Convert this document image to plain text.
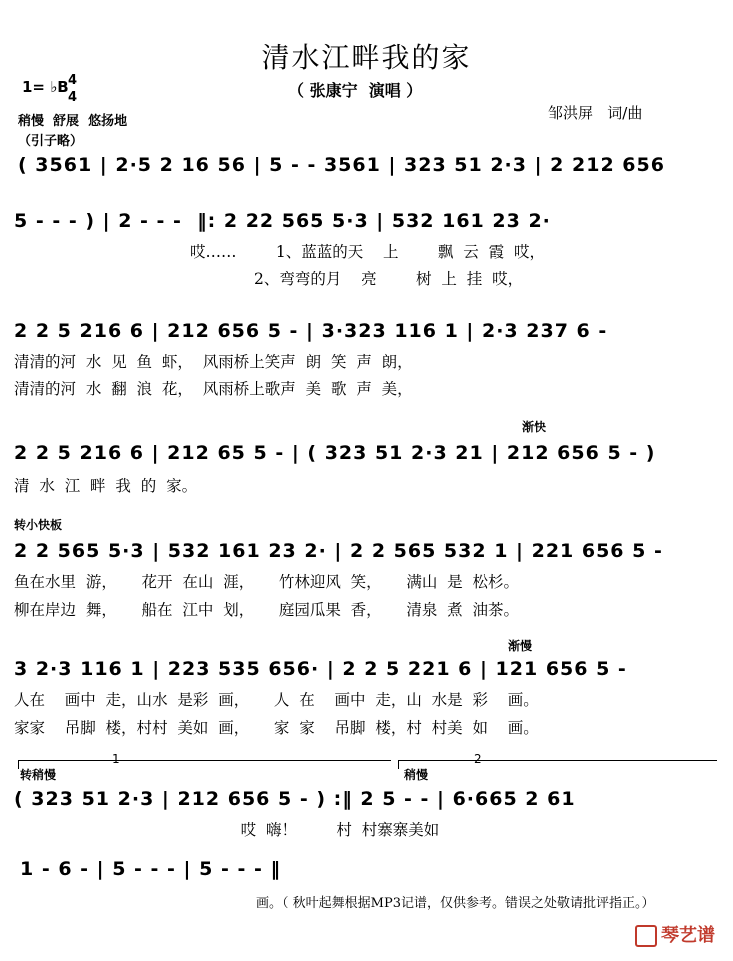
清水江畔我的家
（ 张康宁  演唱 ）
1= ♭B 4
4
稍慢  舒展  悠扬地
（引子略）
邹洪屏   词/曲
( 3561 | 2·5 2 16 56 | 5 - - 3561 | 323 51 2·3 | 2 212 656
5 - - - ) | 2 - - -  ‖: 2 22 565 5·3 | 532 161 23 2·
哎……        1、蓝蓝的天    上        飘  云  霞  哎，
2、弯弯的月    亮        树  上  挂  哎，
2 2 5 216 6 | 212 656 5 - | 3·323 116 1 | 2·3 237 6 -
清清的河  水  见  鱼  虾，  风雨桥上笑声  朗  笑  声  朗，
清清的河  水  翻  浪  花，  风雨桥上歌声  美  歌  声  美，
渐快
2 2 5 216 6 | 212 65 5 - | ( 323 51 2·3 21 | 212 656 5 - )
清  水  江  畔  我  的  家。
转小快板
2 2 565 5·3 | 532 161 23 2· | 2 2 565 532 1 | 221 656 5 -
鱼在水里  游，     花开  在山  涯，     竹林迎风  笑，     满山  是  松杉。
柳在岸边  舞，     船在  江中  划，     庭园瓜果  香，     清泉  煮  油茶。
渐慢
3 2·3 116 1 | 223 535 656· | 2 2 5 221 6 | 121 656 5 -
人在    画中  走，山水  是彩  画，     人  在    画中  走，山  水是  彩    画。
家家    吊脚  楼，村村  美如  画，     家  家    吊脚  楼，村  村美  如    画。
1	2
转稍慢	稍慢
( 323 51 2·3 | 212 656 5 - ) :‖ 2 5 - - | 6·665 2 61
哎  嗨！        村  村寨寨美如
1 - 6 - | 5 - - - | 5 - - - ‖
画。（ 秋叶起舞根据MP3记谱，仅供参考。错误之处敬请批评指正。）

琴艺谱
